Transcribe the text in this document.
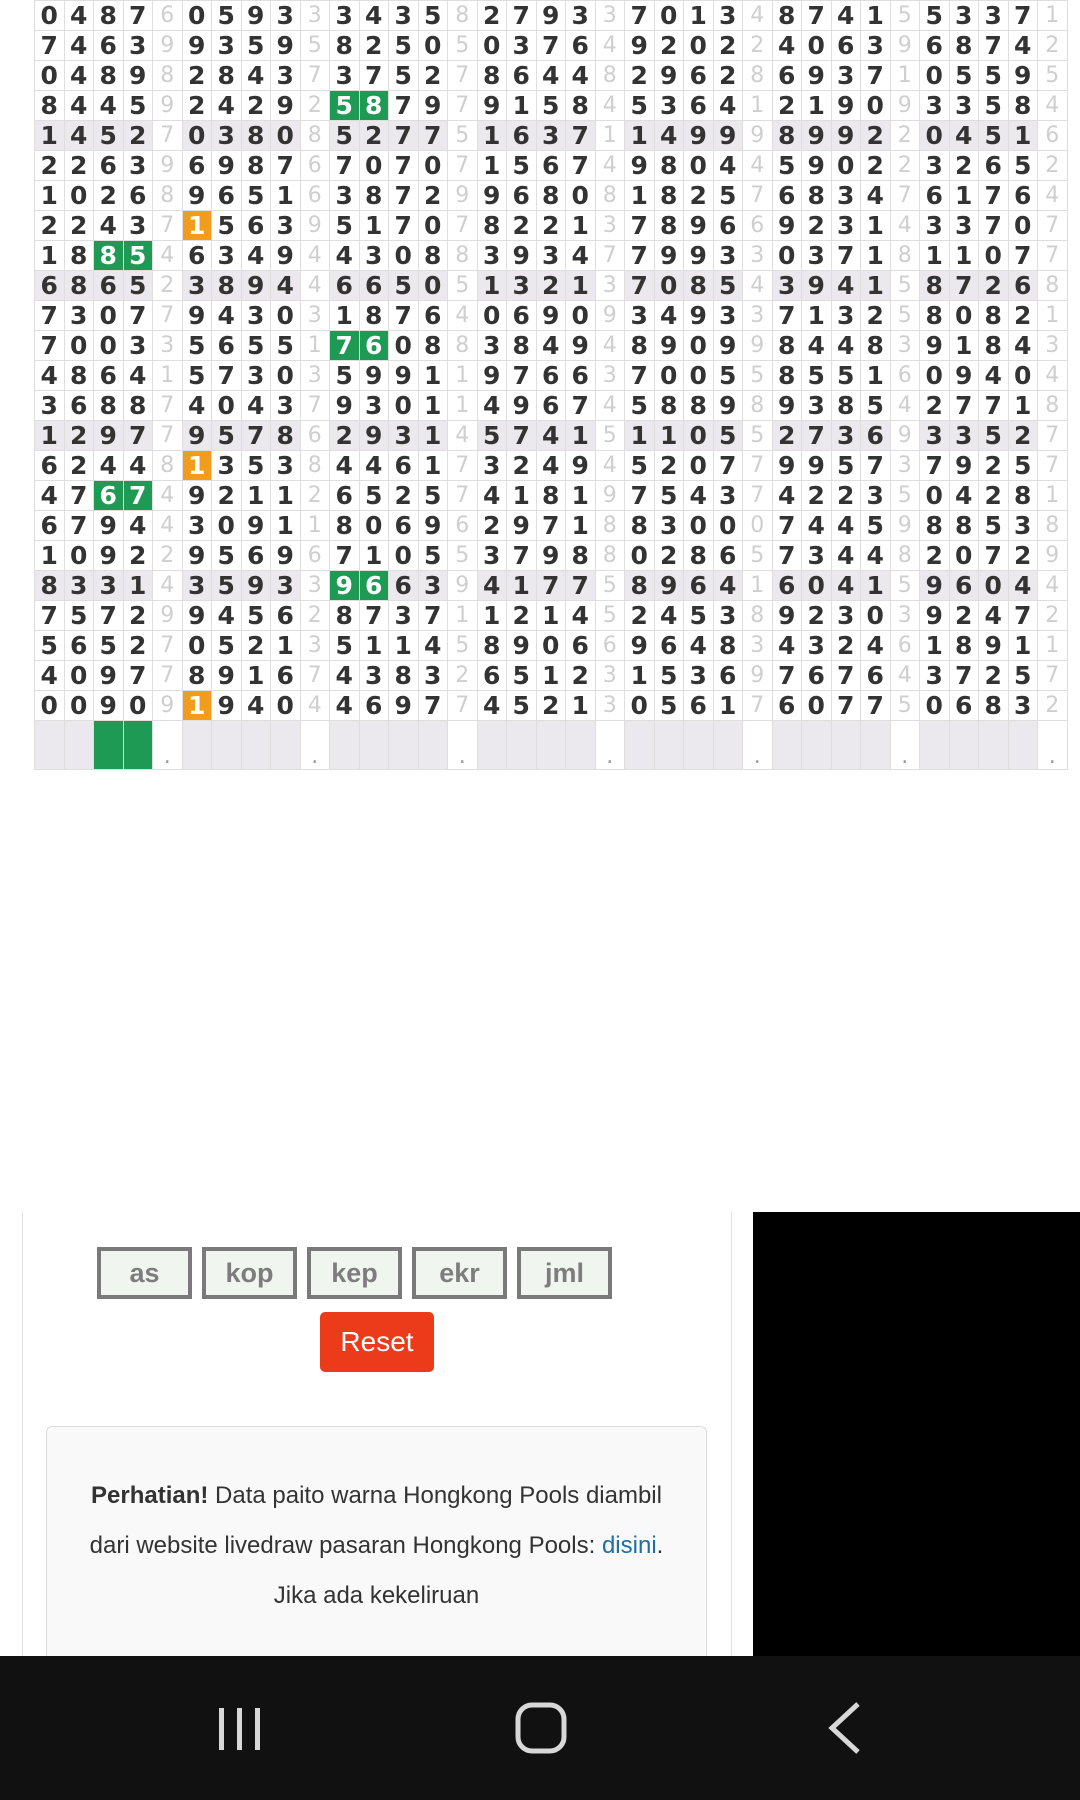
0	4	8	7	6	0	5	9	3	3	3	4	3	5	8	2	7	9	3	3	7	0	1	3	4	8	7	4	1	5	5	3	3	7	1
7	4	6	3	9	9	3	5	9	5	8	2	5	0	5	0	3	7	6	4	9	2	0	2	2	4	0	6	3	9	6	8	7	4	2
0	4	8	9	8	2	8	4	3	7	3	7	5	2	7	8	6	4	4	8	2	9	6	2	8	6	9	3	7	1	0	5	5	9	5
8	4	4	5	9	2	4	2	9	2	5	8	7	9	7	9	1	5	8	4	5	3	6	4	1	2	1	9	0	9	3	3	5	8	4
1	4	5	2	7	0	3	8	0	8	5	2	7	7	5	1	6	3	7	1	1	4	9	9	9	8	9	9	2	2	0	4	5	1	6
2	2	6	3	9	6	9	8	7	6	7	0	7	0	7	1	5	6	7	4	9	8	0	4	4	5	9	0	2	2	3	2	6	5	2
1	0	2	6	8	9	6	5	1	6	3	8	7	2	9	9	6	8	0	8	1	8	2	5	7	6	8	3	4	7	6	1	7	6	4
2	2	4	3	7	1	5	6	3	9	5	1	7	0	7	8	2	2	1	3	7	8	9	6	6	9	2	3	1	4	3	3	7	0	7
1	8	8	5	4	6	3	4	9	4	4	3	0	8	8	3	9	3	4	7	7	9	9	3	3	0	3	7	1	8	1	1	0	7	7
6	8	6	5	2	3	8	9	4	4	6	6	5	0	5	1	3	2	1	3	7	0	8	5	4	3	9	4	1	5	8	7	2	6	8
7	3	0	7	7	9	4	3	0	3	1	8	7	6	4	0	6	9	0	9	3	4	9	3	3	7	1	3	2	5	8	0	8	2	1
7	0	0	3	3	5	6	5	5	1	7	6	0	8	8	3	8	4	9	4	8	9	0	9	9	8	4	4	8	3	9	1	8	4	3
4	8	6	4	1	5	7	3	0	3	5	9	9	1	1	9	7	6	6	3	7	0	0	5	5	8	5	5	1	6	0	9	4	0	4
3	6	8	8	7	4	0	4	3	7	9	3	0	1	1	4	9	6	7	4	5	8	8	9	8	9	3	8	5	4	2	7	7	1	8
1	2	9	7	7	9	5	7	8	6	2	9	3	1	4	5	7	4	1	5	1	1	0	5	5	2	7	3	6	9	3	3	5	2	7
6	2	4	4	8	1	3	5	3	8	4	4	6	1	7	3	2	4	9	4	5	2	0	7	7	9	9	5	7	3	7	9	2	5	7
4	7	6	7	4	9	2	1	1	2	6	5	2	5	7	4	1	8	1	9	7	5	4	3	7	4	2	2	3	5	0	4	2	8	1
6	7	9	4	4	3	0	9	1	1	8	0	6	9	6	2	9	7	1	8	8	3	0	0	0	7	4	4	5	9	8	8	5	3	8
1	0	9	2	2	9	5	6	9	6	7	1	0	5	5	3	7	9	8	8	0	2	8	6	5	7	3	4	4	8	2	0	7	2	9
8	3	3	1	4	3	5	9	3	3	9	6	6	3	9	4	1	7	7	5	8	9	6	4	1	6	0	4	1	5	9	6	0	4	4
7	5	7	2	9	9	4	5	6	2	8	7	3	7	1	1	2	1	4	5	2	4	5	3	8	9	2	3	0	3	9	2	4	7	2
5	6	5	2	7	0	5	2	1	3	5	1	1	4	5	8	9	0	6	6	9	6	4	8	3	4	3	2	4	6	1	8	9	1	1
4	0	9	7	7	8	9	1	6	7	4	3	8	3	2	6	5	1	2	3	1	5	3	6	9	7	6	7	6	4	3	7	2	5	7
0	0	9	0	9	1	9	4	0	4	4	6	9	7	7	4	5	2	1	3	0	5	6	1	7	6	0	7	7	5	0	6	8	3	2
				.					.					.					.					.					.					.
as
kop
kep
ekr
jml
Reset
Perhatian! Data paito warna Hongkong Pools diambil dari website livedraw pasaran Hongkong Pools: disini. Jika ada kekeliruan
